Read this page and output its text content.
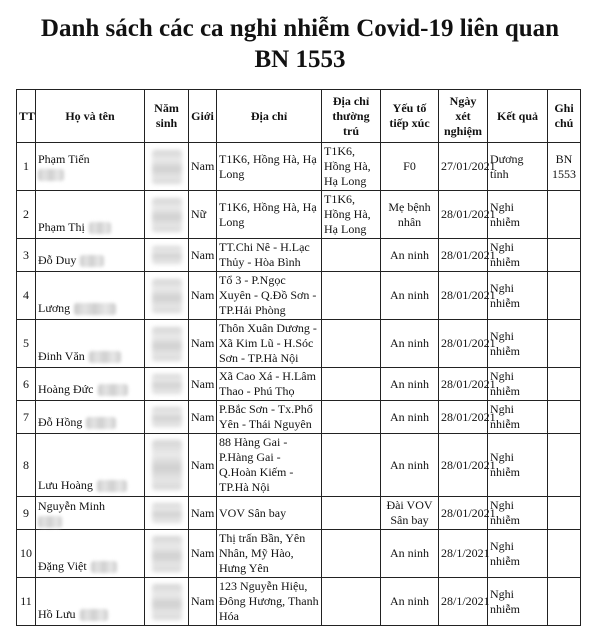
Danh sách các ca nghi nhiễm Covid-19 liên quan
BN 1553
TT	Họ và tên	Năm sinh	Giới	Địa chỉ	Địa chỉ thường trú	Yếu tố tiếp xúc	Ngày xét nghiệm	Kết quả	Ghi chú
1	Phạm Tiến		Nam	T1K6, Hồng Hà, Hạ Long	T1K6, Hồng Hà, Hạ Long	F0	27/01/2021	Dương tính	BN 1553
2	Phạm Thị		Nữ	T1K6, Hồng Hà, Hạ Long	T1K6, Hồng Hà, Hạ Long	Mẹ bệnh nhân	28/01/2021	Nghi nhiễm	
3	Đỗ Duy		Nam	TT.Chi Nê - H.Lạc Thủy - Hòa Bình		An ninh	28/01/2021	Nghi nhiễm	
4	Lương		Nam	Tổ 3 - P.Ngọc Xuyên - Q.Đồ Sơn - TP.Hải Phòng		An ninh	28/01/2021	Nghi nhiễm	
5	Đinh Văn		Nam	Thôn Xuân Dương - Xã Kim Lũ - H.Sóc Sơn - TP.Hà Nội		An ninh	28/01/2021	Nghi nhiễm	
6	Hoàng Đức		Nam	Xã Cao Xá - H.Lâm Thao - Phú Thọ		An ninh	28/01/2021	Nghi nhiễm	
7	Đỗ Hồng		Nam	P.Bắc Sơn - Tx.Phổ Yên - Thái Nguyên		An ninh	28/01/2021	Nghi nhiễm	
8	Lưu Hoàng		Nam	88 Hàng Gai - P.Hàng Gai - Q.Hoàn Kiếm - TP.Hà Nội		An ninh	28/01/2021	Nghi nhiễm	
9	Nguyễn Minh		Nam	VOV Sân bay		Đài VOV Sân bay	28/01/2021	Nghi nhiễm	
10	Đặng Việt		Nam	Thị trấn Bần, Yên Nhân, Mỹ Hào, Hưng Yên		An ninh	28/1/2021	Nghi nhiễm	
11	Hồ Lưu		Nam	123 Nguyễn Hiệu, Đông Hương, Thanh Hóa		An ninh	28/1/2021	Nghi nhiễm	
